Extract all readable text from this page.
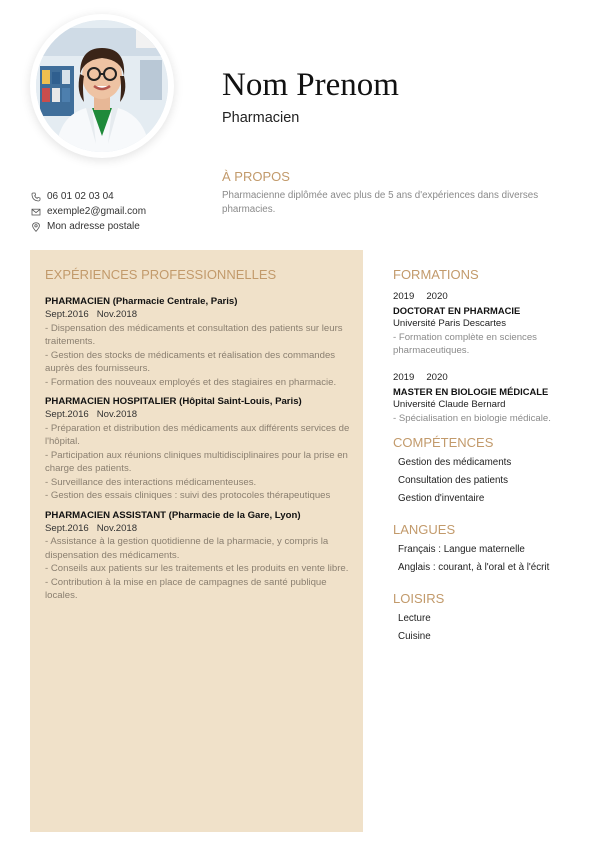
Nom Prenom
Pharmacien
À PROPOS
Pharmacienne diplômée avec plus de 5 ans d'expériences dans diverses pharmacies.
06 01 02 03 04
exemple2@gmail.com
Mon adresse postale
EXPÉRIENCES PROFESSIONNELLES
PHARMACIEN (Pharmacie Centrale, Paris)
Sept.2016 Nov.2018
- Dispensation des médicaments et consultation des patients sur leurs traitements.
- Gestion des stocks de médicaments et réalisation des commandes auprès des fournisseurs.
- Formation des nouveaux employés et des stagiaires en pharmacie.
PHARMACIEN HOSPITALIER (Hôpital Saint-Louis, Paris)
Sept.2016 Nov.2018
- Préparation et distribution des médicaments aux différents services de l'hôpital.
- Participation aux réunions cliniques multidisciplinaires pour la prise en charge des patients.
- Surveillance des interactions médicamenteuses.
- Gestion des essais cliniques : suivi des protocoles thérapeutiques
PHARMACIEN ASSISTANT (Pharmacie de la Gare, Lyon)
Sept.2016 Nov.2018
- Assistance à la gestion quotidienne de la pharmacie, y compris la dispensation des médicaments.
- Conseils aux patients sur les traitements et les produits en vente libre.
- Contribution à la mise en place de campagnes de santé publique locales.
FORMATIONS
2019 2020
DOCTORAT EN PHARMACIE
Université Paris Descartes
- Formation complète en sciences pharmaceutiques.
2019 2020
MASTER EN BIOLOGIE MÉDICALE
Université Claude Bernard
- Spécialisation en biologie médicale.
COMPÉTENCES
Gestion des médicaments
Consultation des patients
Gestion d'inventaire
LANGUES
Français : Langue maternelle
Anglais : courant, à l'oral et à l'écrit
LOISIRS
Lecture
Cuisine
